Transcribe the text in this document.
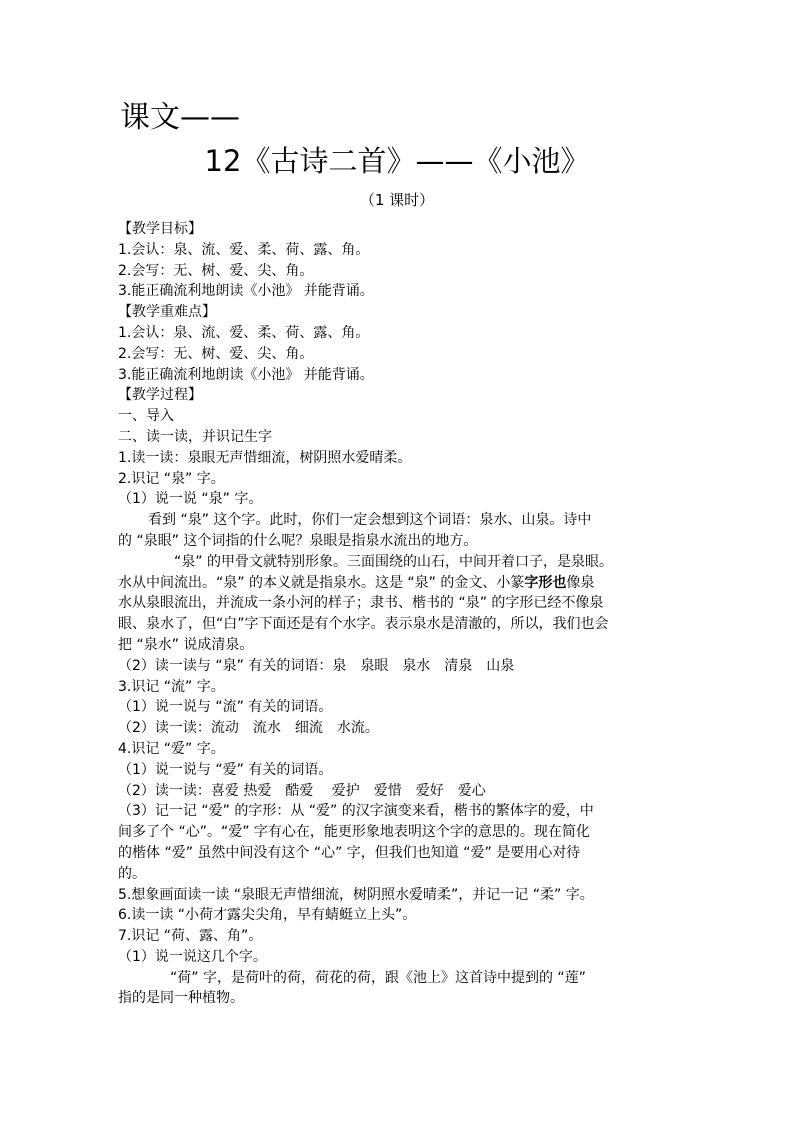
课文——
12《古诗二首》——《小池》
（1 课时）
【教学目标】
1.会认：泉、流、爱、柔、荷、露、角。
2.会写：无、树、爱、尖、角。
3.能正确流利地朗读《小池》 并能背诵。
【教学重难点】
1.会认：泉、流、爱、柔、荷、露、角。
2.会写：无、树、爱、尖、角。
3.能正确流利地朗读《小池》 并能背诵。
【教学过程】
一、导入
二、读一读，并识记生字
1.读一读：泉眼无声惜细流，树阴照水爱晴柔。
2.识记 “泉” 字。
（1）说一说 “泉” 字。
看到 “泉” 这个字。此时，你们一定会想到这个词语：泉水、山泉。诗中
的 “泉眼” 这个词指的什么呢？泉眼是指泉水流出的地方。
“泉” 的甲骨文就特别形象。三面围绕的山石，中间开着口子，是泉眼。
水从中间流出。“泉” 的本义就是指泉水。这是 “泉” 的金文、小篆字形也像泉
水从泉眼流出，并流成一条小河的样子；隶书、楷书的 “泉” 的字形已经不像泉
眼、泉水了，但“白”字下面还是有个水字。表示泉水是清澈的，所以，我们也会
把 “泉水” 说成清泉。
（2）读一读与 “泉” 有关的词语：泉　泉眼　泉水　清泉　山泉
3.识记 “流” 字。
（1）说一说与 “流” 有关的词语。
（2）读一读：流动　流水　细流　水流。
4.识记 “爱” 字。
（1）说一说与 “爱” 有关的词语。
（2）读一读：喜爱 热爱　酷爱　 爱护　爱惜　爱好　爱心
（3）记一记 “爱” 的字形：从 “爱” 的汉字演变来看，楷书的繁体字的爱，中
间多了个 “心”。“爱” 字有心在，能更形象地表明这个字的意思的。现在简化
的楷体 “爱” 虽然中间没有这个 “心” 字，但我们也知道 “爱” 是要用心对待
的。
5.想象画面读一读 “泉眼无声惜细流，树阴照水爱晴柔”，并记一记 “柔” 字。
6.读一读 “小荷才露尖尖角，早有蜻蜓立上头”。
7.识记 “荷、露、角”。
（1）说一说这几个字。
“荷” 字，是荷叶的荷，荷花的荷，跟《池上》这首诗中提到的 “莲”
指的是同一种植物。
